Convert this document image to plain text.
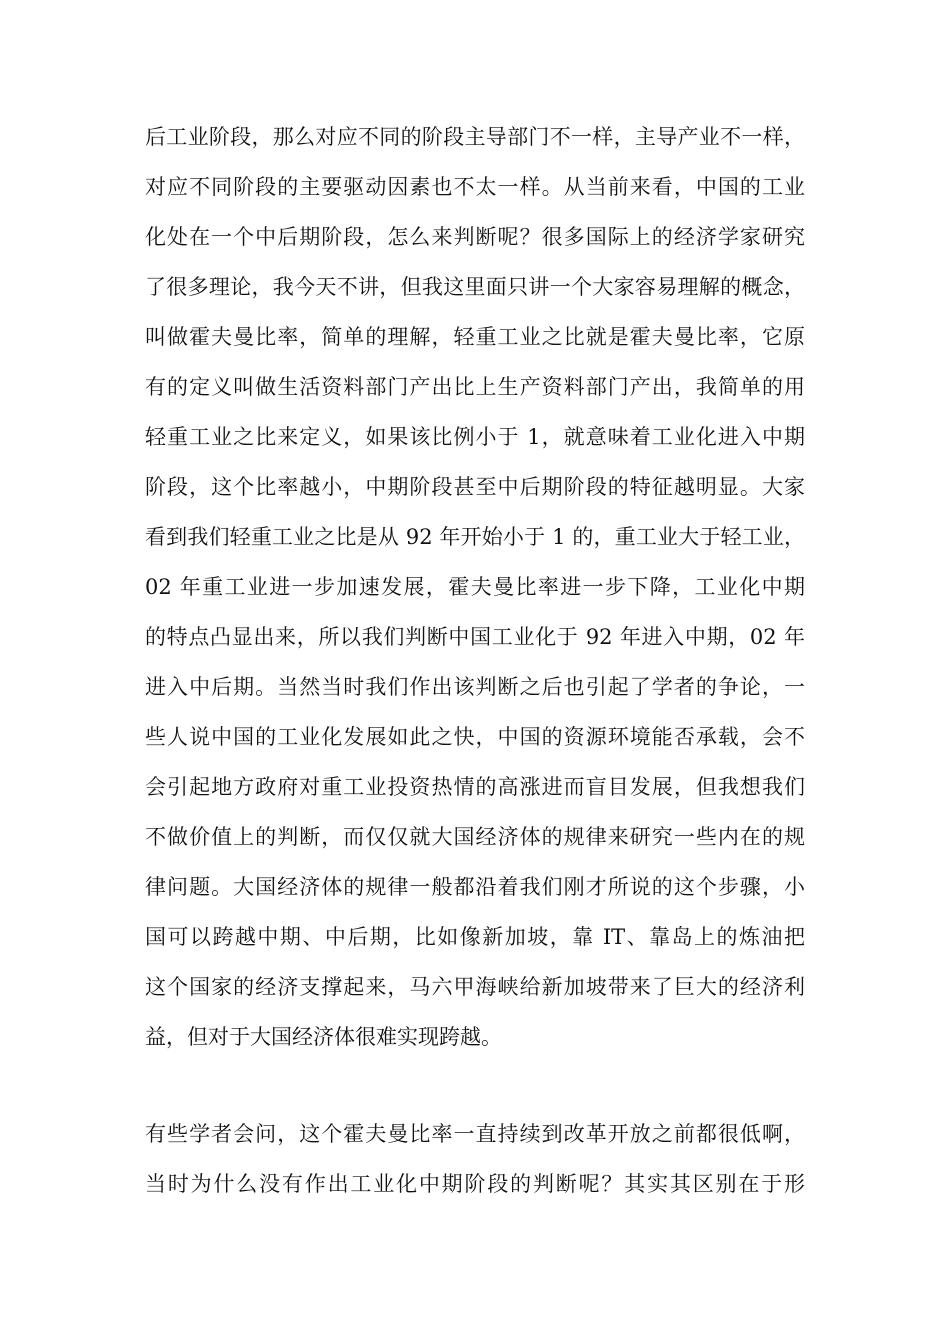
后工业阶段，那么对应不同的阶段主导部门不一样，主导产业不一样，
对应不同阶段的主要驱动因素也不太一样。从当前来看，中国的工业
化处在一个中后期阶段，怎么来判断呢？很多国际上的经济学家研究
了很多理论，我今天不讲，但我这里面只讲一个大家容易理解的概念，
叫做霍夫曼比率，简单的理解，轻重工业之比就是霍夫曼比率，它原
有的定义叫做生活资料部门产出比上生产资料部门产出，我简单的用
轻重工业之比来定义，如果该比例小于 1，就意味着工业化进入中期
阶段，这个比率越小，中期阶段甚至中后期阶段的特征越明显。大家
看到我们轻重工业之比是从 92 年开始小于 1 的，重工业大于轻工业，
02 年重工业进一步加速发展，霍夫曼比率进一步下降，工业化中期
的特点凸显出来，所以我们判断中国工业化于 92 年进入中期，02 年
进入中后期。当然当时我们作出该判断之后也引起了学者的争论，一
些人说中国的工业化发展如此之快，中国的资源环境能否承载，会不
会引起地方政府对重工业投资热情的高涨进而盲目发展，但我想我们
不做价值上的判断，而仅仅就大国经济体的规律来研究一些内在的规
律问题。大国经济体的规律一般都沿着我们刚才所说的这个步骤，小
国可以跨越中期、中后期，比如像新加坡，靠 IT、靠岛上的炼油把
这个国家的经济支撑起来，马六甲海峡给新加坡带来了巨大的经济利
益，但对于大国经济体很难实现跨越。
有些学者会问，这个霍夫曼比率一直持续到改革开放之前都很低啊，
当时为什么没有作出工业化中期阶段的判断呢？其实其区别在于形
